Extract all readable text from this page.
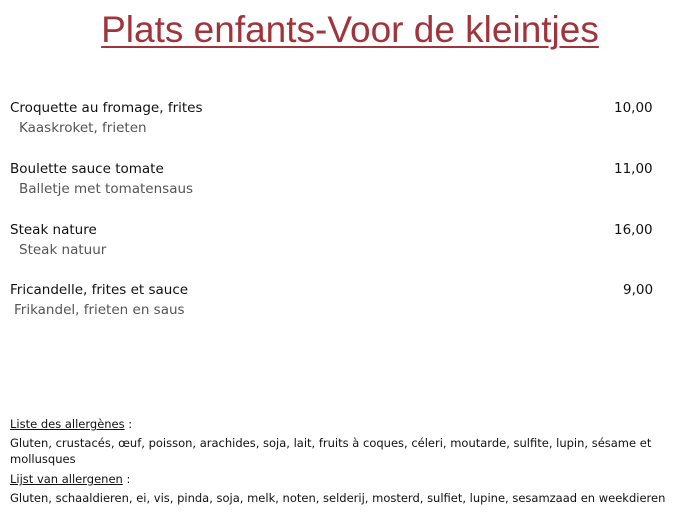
Plats enfants-Voor de kleintjes
Croquette au fromage, frites
Kaaskroket, frieten
10,00
Boulette sauce tomate
Balletje met tomatensaus
11,00
Steak nature
Steak natuur
16,00
Fricandelle, frites et sauce
Frikandel, frieten en saus
9,00
Liste des allergènes :
Gluten, crustacés, œuf, poisson, arachides, soja, lait, fruits à coques, céleri, moutarde, sulfite, lupin, sésame et mollusques
Lijst van allergenen :
Gluten, schaaldieren, ei, vis, pinda, soja, melk, noten, selderij, mosterd, sulfiet, lupine, sesamzaad en weekdieren
